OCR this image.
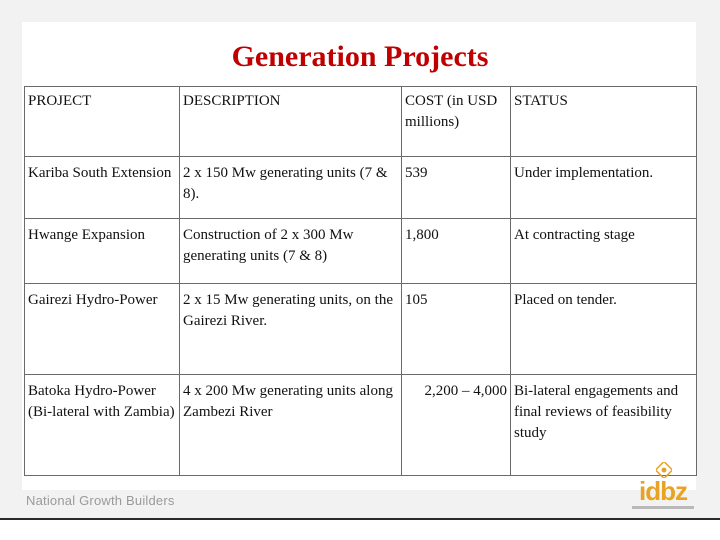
Generation Projects
PROJECT	DESCRIPTION	COST (in USD millions)	STATUS
Kariba South Extension	2 x 150 Mw generating units (7 & 8).	539	Under implementation.
Hwange Expansion	Construction of 2 x 300 Mw generating units (7 & 8)	1,800	At contracting stage
Gairezi Hydro-Power	2 x 15 Mw generating units, on the Gairezi River.	105	Placed on tender.
Batoka Hydro-Power (Bi-lateral with Zambia)	4 x 200 Mw generating units along Zambezi River	2,200 – 4,000	Bi-lateral engagements and final reviews of feasibility study
National Growth Builders	idbz
